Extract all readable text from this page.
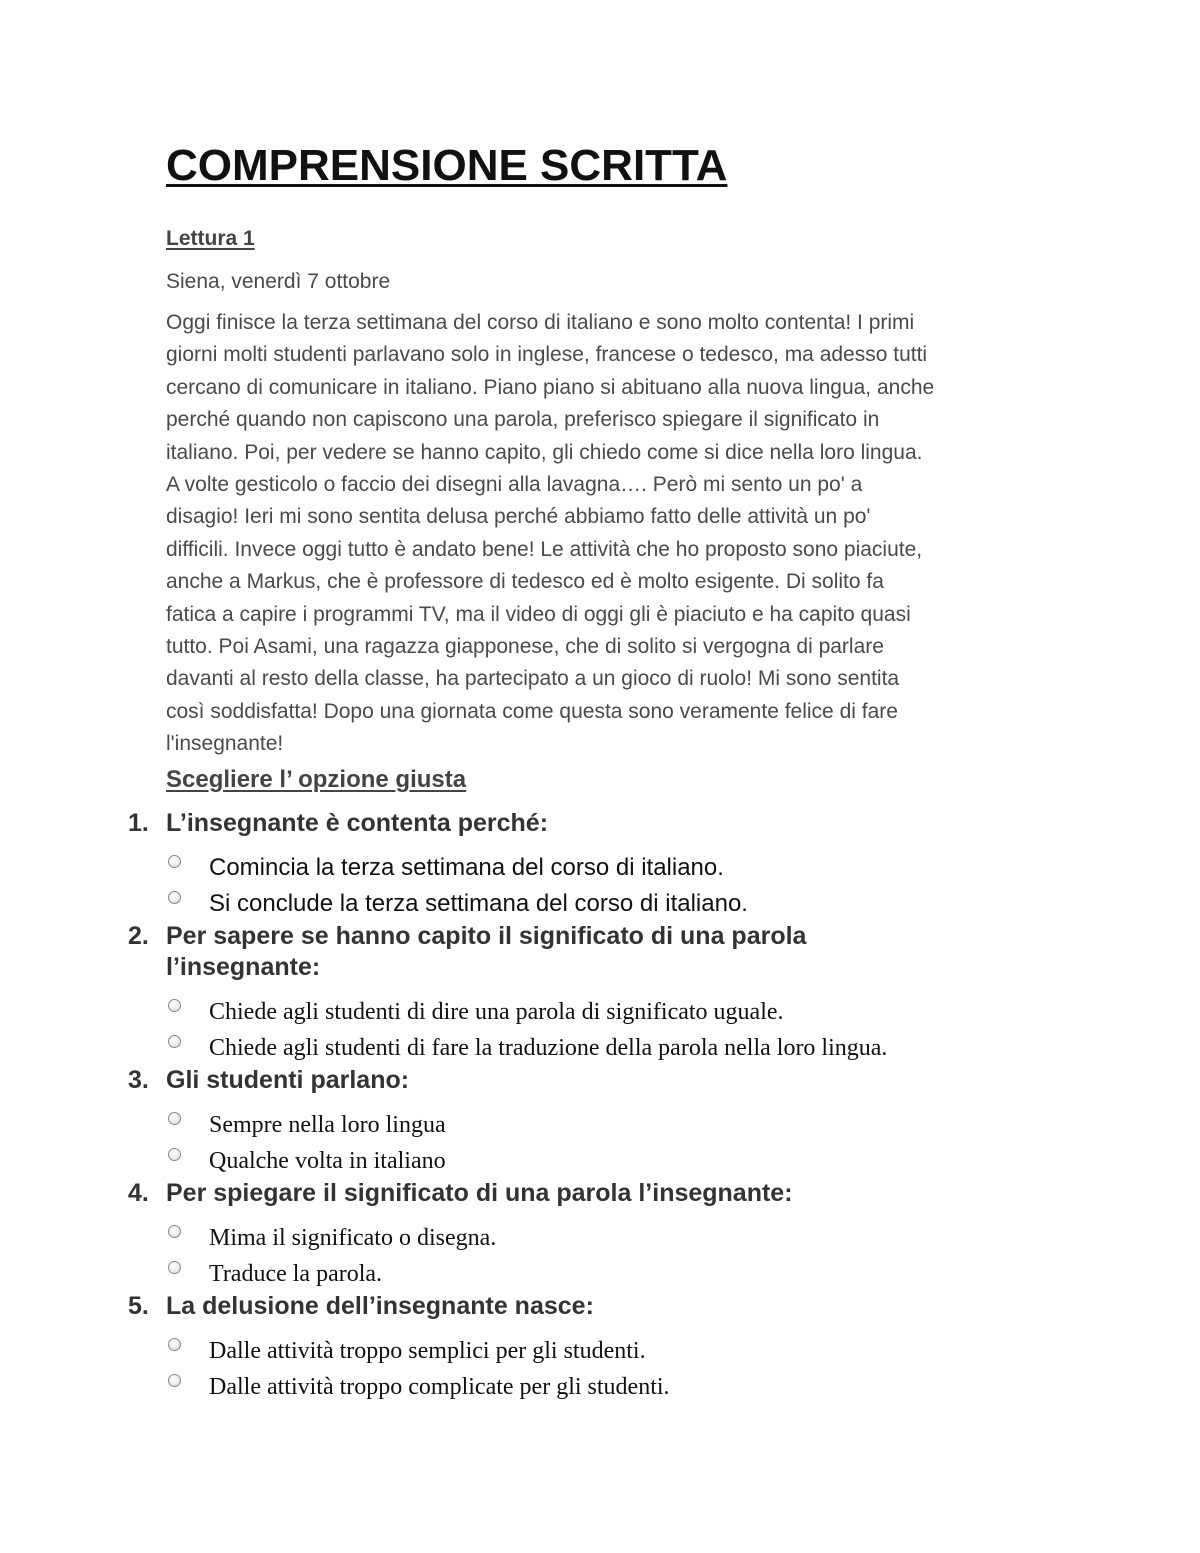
COMPRENSIONE SCRITTA
Lettura 1
Siena, venerdì 7 ottobre
Oggi finisce la terza settimana del corso di italiano e sono molto contenta! I primi
giorni molti studenti parlavano solo in inglese, francese o tedesco, ma adesso tutti
cercano di comunicare in italiano. Piano piano si abituano alla nuova lingua, anche
perché quando non capiscono una parola, preferisco spiegare il significato in
italiano. Poi, per vedere se hanno capito, gli chiedo come si dice nella loro lingua.
A volte gesticolo o faccio dei disegni alla lavagna…. Però mi sento un po' a
disagio! Ieri mi sono sentita delusa perché abbiamo fatto delle attività un po'
difficili. Invece oggi tutto è andato bene! Le attività che ho proposto sono piaciute,
anche a Markus, che è professore di tedesco ed è molto esigente. Di solito fa
fatica a capire i programmi TV, ma il video di oggi gli è piaciuto e ha capito quasi
tutto. Poi Asami, una ragazza giapponese, che di solito si vergogna di parlare
davanti al resto della classe, ha partecipato a un gioco di ruolo! Mi sono sentita
così soddisfatta! Dopo una giornata come questa sono veramente felice di fare
l'insegnante!
Scegliere l’ opzione giusta
1. L’insegnante è contenta perché:
Comincia la terza settimana del corso di italiano.
Si conclude la terza settimana del corso di italiano.
2. Per sapere se hanno capito il significato di una parola l’insegnante:
Chiede agli studenti di dire una parola di significato uguale.
Chiede agli studenti di fare la traduzione della parola nella loro lingua.
3. Gli studenti parlano:
Sempre nella loro lingua
Qualche volta in italiano
4. Per spiegare il significato di una parola l’insegnante:
Mima il significato o disegna.
Traduce la parola.
5. La delusione dell’insegnante nasce:
Dalle attività troppo semplici per gli studenti.
Dalle attività troppo complicate per gli studenti.
